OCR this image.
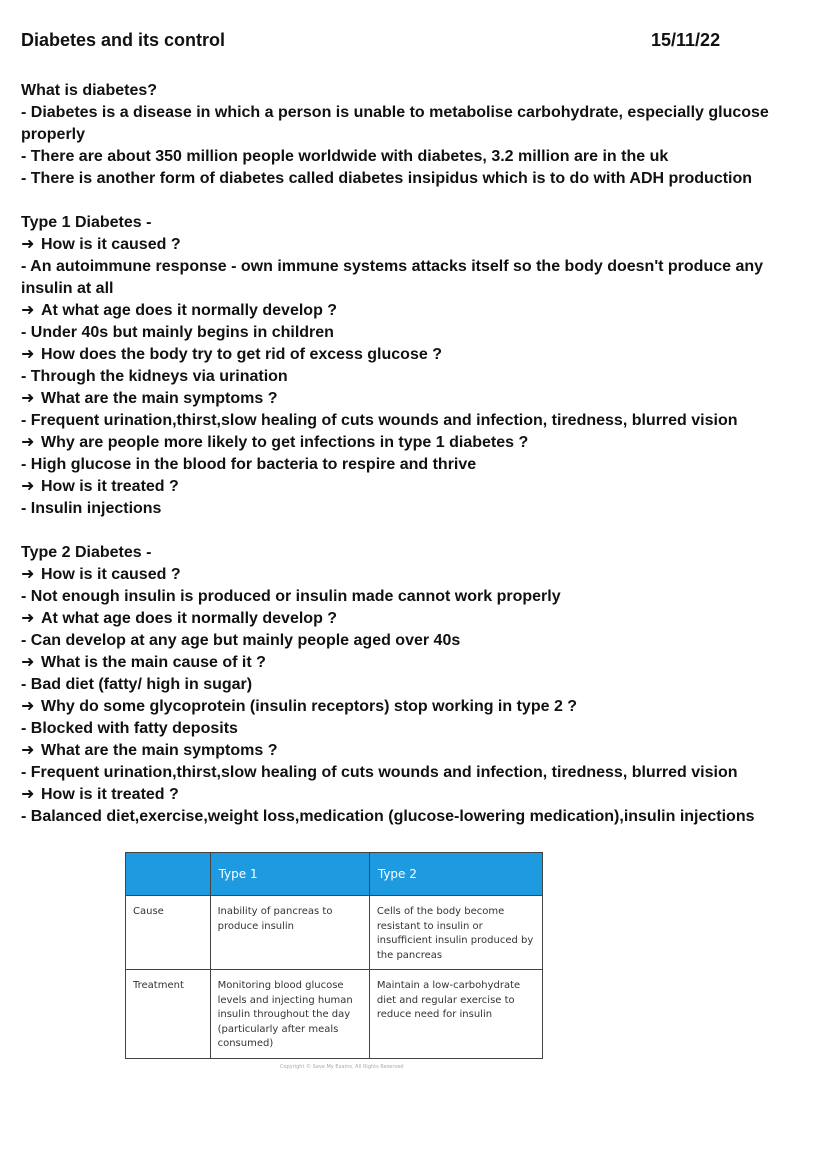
Diabetes and its control	15/11/22

What is diabetes?

- Diabetes is a disease in which a person is unable to metabolise carbohydrate, especially glucose properly

- There are about 350 million people worldwide with diabetes, 3.2 million are in the uk

- There is another form of diabetes called diabetes insipidus which is to do with ADH production

Type 1 Diabetes -

➜ How is it caused ?

- An autoimmune response - own immune systems attacks itself so the body doesn't produce any insulin at all

➜ At what age does it normally develop ?

- Under 40s but mainly begins in children

➜ How does the body try to get rid of excess glucose ?

- Through the kidneys via urination

➜ What are the main symptoms ?

- Frequent urination,thirst,slow healing of cuts wounds and infection, tiredness, blurred vision

➜ Why are people more likely to get infections in type 1 diabetes ?

- High glucose in the blood for bacteria to respire and thrive

➜ How is it treated ?

- Insulin injections

Type 2 Diabetes -

➜ How is it caused ?

- Not enough insulin is produced or insulin made cannot work properly

➜ At what age does it normally develop ?

- Can develop at any age but mainly people aged over 40s

➜ What is the main cause of it ?

- Bad diet (fatty/ high in sugar)

➜ Why do some glycoprotein (insulin receptors) stop working in type 2 ?

- Blocked with fatty deposits

➜ What are the main symptoms ?

- Frequent urination,thirst,slow healing of cuts wounds and infection, tiredness, blurred vision

➜ How is it treated ?

- Balanced diet,exercise,weight loss,medication (glucose-lowering medication),insulin injections

	Type 1	Type 2

Cause	Inability of pancreas to produce insulin	Cells of the body become resistant to insulin or insufficient insulin produced by the pancreas

Treatment	Monitoring blood glucose levels and injecting human insulin throughout the day (particularly after meals consumed)	Maintain a low-carbohydrate diet and regular exercise to reduce need for insulin
Copyright © Save My Exams. All Rights Reserved
